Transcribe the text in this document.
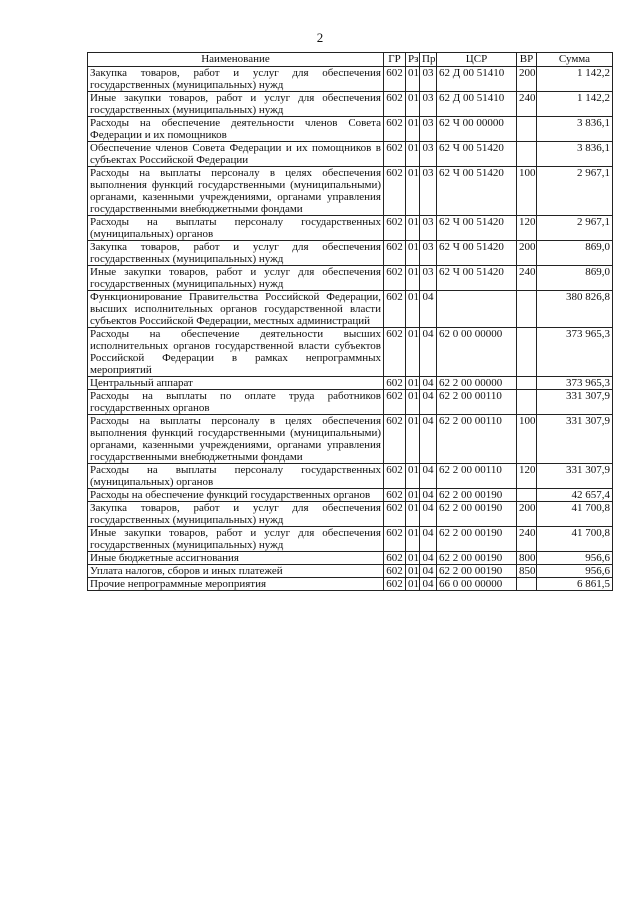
2
Наименование	ГР	Рз	Пр	ЦСР	ВР	Сумма
Закупка товаров, работ и услуг для обеспечения государственных (муниципальных) нужд	602	01	03	62 Д 00 51410	200	1 142,2
Иные закупки товаров, работ и услуг для обеспечения государственных (муниципальных) нужд	602	01	03	62 Д 00 51410	240	1 142,2
Расходы на обеспечение деятельности членов Совета Федерации и их помощников	602	01	03	62 Ч 00 00000		3 836,1
Обеспечение членов Совета Федерации и их помощников в субъектах Российской Федерации	602	01	03	62 Ч 00 51420		3 836,1
Расходы на выплаты персоналу в целях обеспечения выполнения функций государственными (муниципальными) органами, казенными учреждениями, органами управления государственными внебюджетными фондами	602	01	03	62 Ч 00 51420	100	2 967,1
Расходы на выплаты персоналу государственных (муниципальных) органов	602	01	03	62 Ч 00 51420	120	2 967,1
Закупка товаров, работ и услуг для обеспечения государственных (муниципальных) нужд	602	01	03	62 Ч 00 51420	200	869,0
Иные закупки товаров, работ и услуг для обеспечения государственных (муниципальных) нужд	602	01	03	62 Ч 00 51420	240	869,0
Функционирование Правительства Российской Федерации, высших исполнительных органов государственной власти субъектов Российской Федерации, местных администраций	602	01	04			380 826,8
Расходы на обеспечение деятельности высших исполнительных органов государственной власти субъектов Российской Федерации в рамках непрограммных мероприятий	602	01	04	62 0 00 00000		373 965,3
Центральный аппарат	602	01	04	62 2 00 00000		373 965,3
Расходы на выплаты по оплате труда работников государственных органов	602	01	04	62 2 00 00110		331 307,9
Расходы на выплаты персоналу в целях обеспечения выполнения функций государственными (муниципальными) органами, казенными учреждениями, органами управления государственными внебюджетными фондами	602	01	04	62 2 00 00110	100	331 307,9
Расходы на выплаты персоналу государственных (муниципальных) органов	602	01	04	62 2 00 00110	120	331 307,9
Расходы на обеспечение функций государственных органов	602	01	04	62 2 00 00190		42 657,4
Закупка товаров, работ и услуг для обеспечения государственных (муниципальных) нужд	602	01	04	62 2 00 00190	200	41 700,8
Иные закупки товаров, работ и услуг для обеспечения государственных (муниципальных) нужд	602	01	04	62 2 00 00190	240	41 700,8
Иные бюджетные ассигнования	602	01	04	62 2 00 00190	800	956,6
Уплата налогов, сборов и иных платежей	602	01	04	62 2 00 00190	850	956,6
Прочие непрограммные мероприятия	602	01	04	66 0 00 00000		6 861,5
